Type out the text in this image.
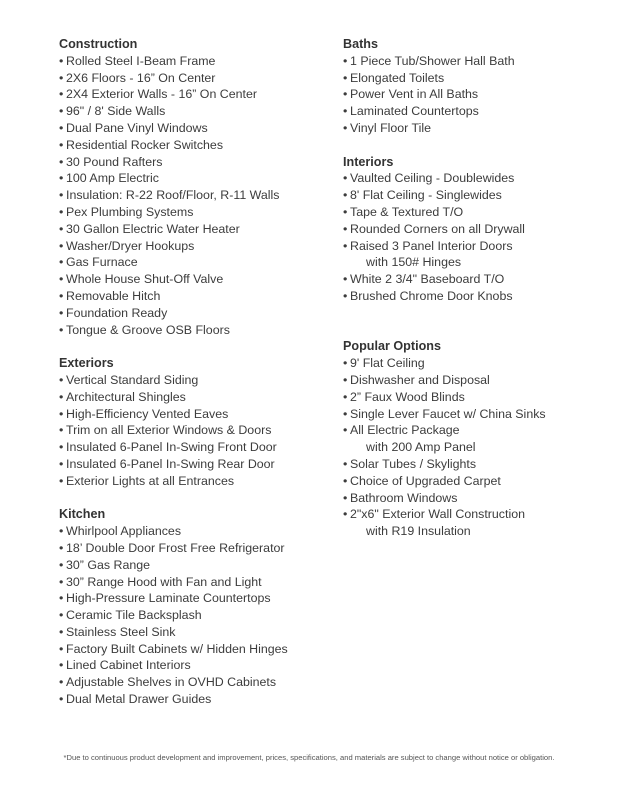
Construction
• Rolled Steel I-Beam Frame
• 2X6 Floors - 16” On Center
• 2X4 Exterior Walls - 16” On Center
• 96" / 8' Side Walls
• Dual Pane Vinyl Windows
• Residential Rocker Switches
• 30 Pound Rafters
• 100 Amp Electric
• Insulation: R-22 Roof/Floor, R-11 Walls
• Pex Plumbing Systems
• 30 Gallon Electric Water Heater
• Washer/Dryer Hookups
• Gas Furnace
• Whole House Shut-Off Valve
• Removable Hitch
• Foundation Ready
• Tongue & Groove OSB Floors
Exteriors
• Vertical Standard Siding
• Architectural Shingles
• High-Efficiency Vented Eaves
• Trim on all Exterior Windows & Doors
• Insulated 6-Panel In-Swing Front Door
• Insulated 6-Panel In-Swing Rear Door
• Exterior Lights at all Entrances
Kitchen
• Whirlpool Appliances
• 18’ Double Door Frost Free Refrigerator
• 30” Gas Range
• 30” Range Hood with Fan and Light
• High-Pressure Laminate Countertops
• Ceramic Tile Backsplash
• Stainless Steel Sink
• Factory Built Cabinets w/ Hidden Hinges
• Lined Cabinet Interiors
• Adjustable Shelves in OVHD Cabinets
• Dual Metal Drawer Guides
Baths
• 1 Piece Tub/Shower Hall Bath
• Elongated Toilets
• Power Vent in All Baths
• Laminated Countertops
• Vinyl Floor Tile
Interiors
• Vaulted Ceiling - Doublewides
• 8' Flat Ceiling - Singlewides
• Tape & Textured T/O
• Rounded Corners on all Drywall
• Raised 3 Panel Interior Doors
with 150# Hinges
• White 2 3/4" Baseboard T/O
• Brushed Chrome Door Knobs
Popular Options
• 9' Flat Ceiling
• Dishwasher and Disposal
• 2” Faux Wood Blinds
• Single Lever Faucet w/ China Sinks
• All Electric Package
with 200 Amp Panel
• Solar Tubes / Skylights
• Choice of Upgraded Carpet
• Bathroom Windows
• 2"x6" Exterior Wall Construction
with R19 Insulation
*Due to continuous product development and improvement, prices, specifications, and materials are subject to change without notice or obligation.
